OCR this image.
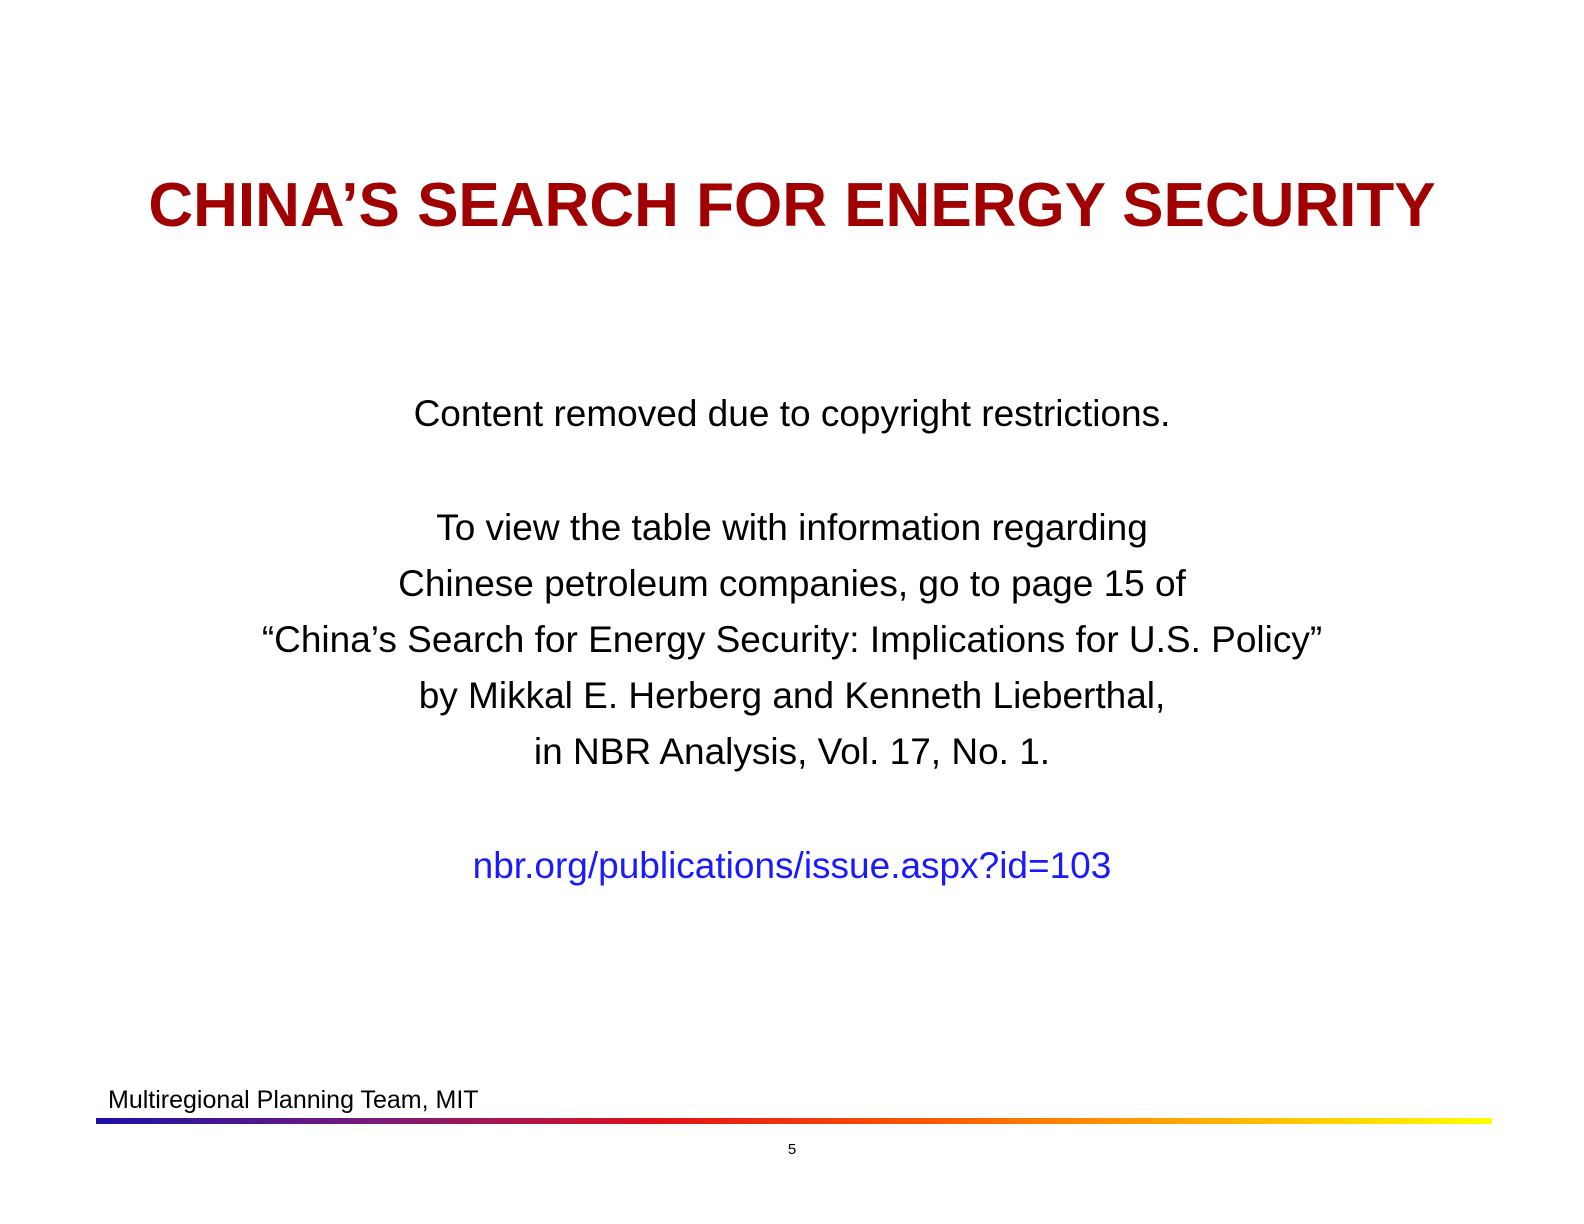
CHINA’S SEARCH FOR ENERGY SECURITY
Content removed due to copyright restrictions.
To view the table with information regarding
Chinese petroleum companies, go to page 15 of
“China’s Search for Energy Security: Implications for U.S. Policy”
by Mikkal E. Herberg and Kenneth Lieberthal,
in NBR Analysis, Vol. 17, No. 1.
nbr.org/publications/issue.aspx?id=103
Multiregional Planning Team, MIT
5
